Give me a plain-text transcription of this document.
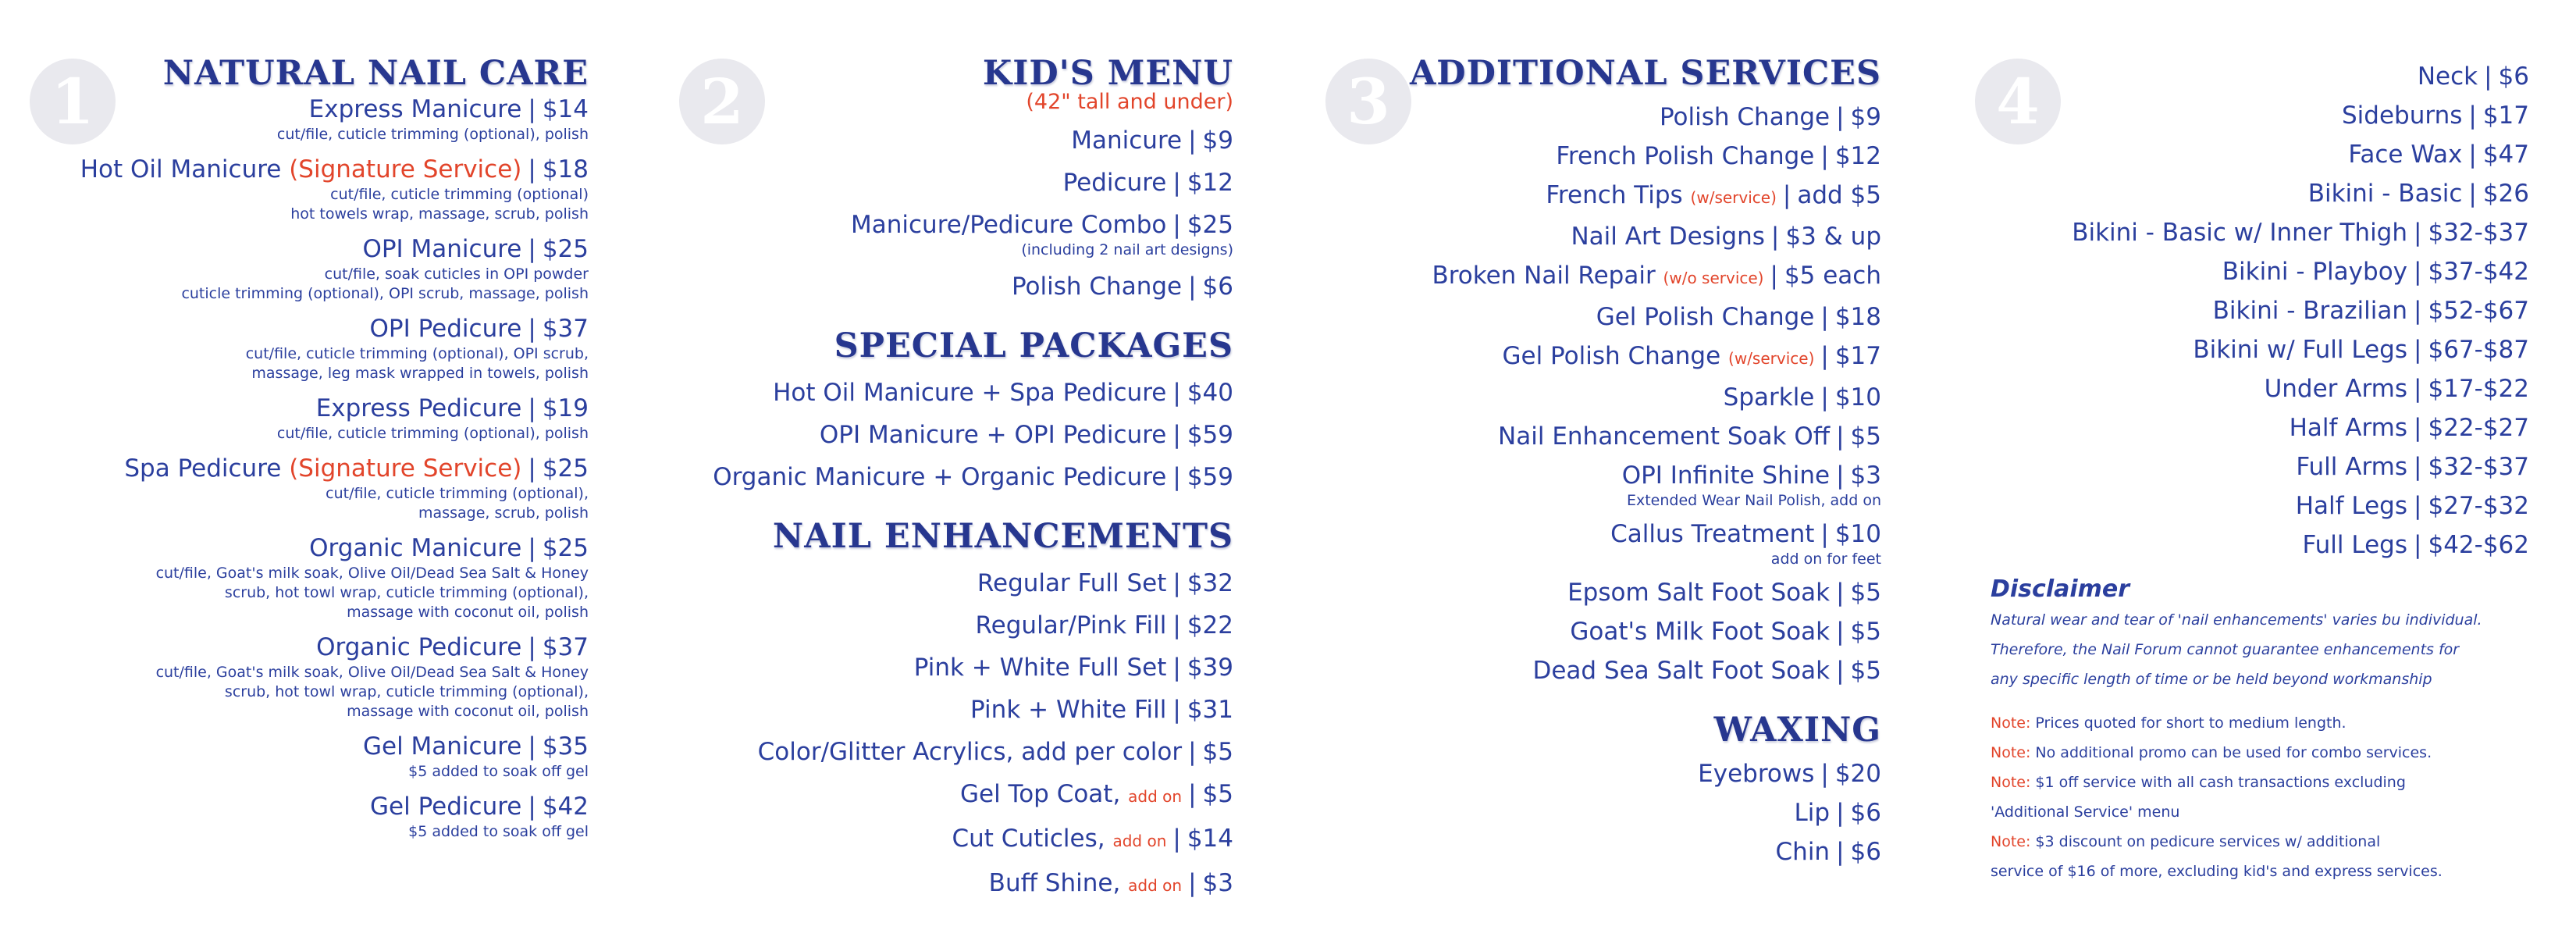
1	NATURAL NAIL CARE
Express Manicure | $14
cut/file, cuticle trimming (optional), polish
Hot Oil Manicure (Signature Service) | $18
cut/file, cuticle trimming (optional)
hot towels wrap, massage, scrub, polish
OPI Manicure | $25
cut/file, soak cuticles in OPI powder
cuticle trimming (optional), OPI scrub, massage, polish
OPI Pedicure | $37
cut/file, cuticle trimming (optional), OPI scrub,
massage, leg mask wrapped in towels, polish
Express Pedicure | $19
cut/file, cuticle trimming (optional), polish
Spa Pedicure (Signature Service) | $25
cut/file, cuticle trimming (optional),
massage, scrub, polish
Organic Manicure | $25
cut/file, Goat's milk soak, Olive Oil/Dead Sea Salt & Honey
scrub, hot towl wrap, cuticle trimming (optional),
massage with coconut oil, polish
Organic Pedicure | $37
cut/file, Goat's milk soak, Olive Oil/Dead Sea Salt & Honey
scrub, hot towl wrap, cuticle trimming (optional),
massage with coconut oil, polish
Gel Manicure | $35
$5 added to soak off gel
Gel Pedicure | $42
$5 added to soak off gel
2	KID'S MENU
(42" tall and under)
Manicure | $9
Pedicure | $12
Manicure/Pedicure Combo | $25
(including 2 nail art designs)
Polish Change | $6
SPECIAL PACKAGES
Hot Oil Manicure + Spa Pedicure | $40
OPI Manicure + OPI Pedicure | $59
Organic Manicure + Organic Pedicure | $59
NAIL ENHANCEMENTS
Regular Full Set | $32
Regular/Pink Fill | $22
Pink + White Full Set | $39
Pink + White Fill | $31
Color/Glitter Acrylics, add per color | $5
Gel Top Coat, add on | $5
Cut Cuticles, add on | $14
Buff Shine, add on | $3
3 ADDITIONAL SERVICES
Polish Change | $9
French Polish Change | $12
French Tips (w/service) | add $5
Nail Art Designs | $3 & up
Broken Nail Repair (w/o service) | $5 each
Gel Polish Change | $18
Gel Polish Change (w/service) | $17
Sparkle | $10
Nail Enhancement Soak Off | $5
OPI Infinite Shine | $3
Extended Wear Nail Polish, add on
Callus Treatment | $10
add on for feet
Epsom Salt Foot Soak | $5
Goat's Milk Foot Soak | $5
Dead Sea Salt Foot Soak | $5
WAXING
Eyebrows | $20
Lip | $6
Chin | $6
4	Neck | $6
Sideburns | $17
Face Wax | $47
Bikini - Basic | $26
Bikini - Basic w/ Inner Thigh | $32-$37
Bikini - Playboy | $37-$42
Bikini - Brazilian | $52-$67
Bikini w/ Full Legs | $67-$87
Under Arms | $17-$22
Half Arms | $22-$27
Full Arms | $32-$37
Half Legs | $27-$32
Full Legs | $42-$62
Disclaimer
Natural wear and tear of 'nail enhancements' varies bu individual.
Therefore, the Nail Forum cannot guarantee enhancements for
any specific length of time or be held beyond workmanship
Note: Prices quoted for short to medium length.
Note: No additional promo can be used for combo services.
Note: $1 off service with all cash transactions excluding
'Additional Service' menu
Note: $3 discount on pedicure services w/ additional
service of $16 of more, excluding kid's and express services.
